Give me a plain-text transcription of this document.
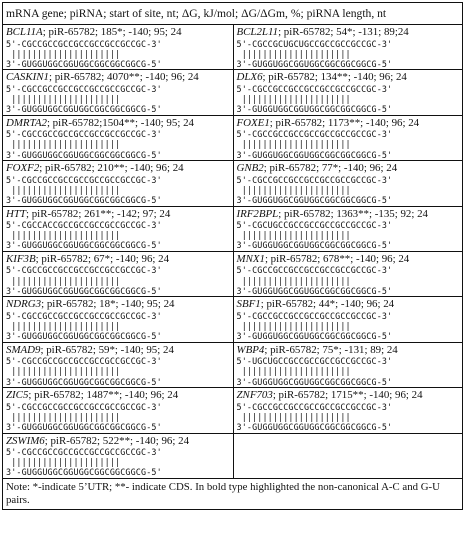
mRNA gene; piRNA; start of site, nt; ΔG, kJ/mol; ΔG/ΔGm, %; piRNA length, nt
BCL11A; piR-65782; 185*; -140; 95; 24
5'-CGCCGCCGCCGCCGCCGCCGCCGC-3'
|||||||||||||||||||||
3'-GUGGUGGCGGUGGCGGCGGCGGCG-5'
BCL2L11; piR-65782; 54*; -131; 89;24
5'-CGCCGCUGCUGCCGCCGCCGCCGC-3'
|||||||||||||||||||||
3'-GUGGUGGCGGUGGCGGCGGCGGCG-5'
CASKIN1; piR-65782; 4070**; -140; 96; 24
5'-CGCCGCCGCCGCCGCCGCCGCCGC-3'
|||||||||||||||||||||
3'-GUGGUGGCGGUGGCGGCGGCGGCG-5'
DLX6; piR-65782; 134**; -140; 96; 24
5'-CGCCGCCGCCGCCGCCGCCGCCGC-3'
|||||||||||||||||||||
3'-GUGGUGGCGGUGGCGGCGGCGGCG-5'
DMRTA2; piR-65782;1504**; -140; 95; 24
5'-CGCCGCCGCCGCCGCCGCCGCCGC-3'
|||||||||||||||||||||
3'-GUGGUGGCGGUGGCGGCGGCGGCG-5'
FOXE1; piR-65782; 1173**; -140; 96; 24
5'-CGCCGCCGCCGCCGCCGCCGCCGC-3'
|||||||||||||||||||||
3'-GUGGUGGCGGUGGCGGCGGCGGCG-5'
FOXF2; piR-65782; 210**; -140; 96; 24
5'-CGCCGCCGCCGCCGCCGCCGCCGC-3'
|||||||||||||||||||||
3'-GUGGUGGCGGUGGCGGCGGCGGCG-5'
GNB2; piR-65782; 77*; -140; 96; 24
5'-CGCCGCCGCCGCCGCCGCCGCCGC-3'
|||||||||||||||||||||
3'-GUGGUGGCGGUGGCGGCGGCGGCG-5'
HTT; piR-65782; 261**; -142; 97; 24
5'-CGCCACCGCCGCCGCCGCCGCCGC-3'
|||||||||||||||||||||
3'-GUGGUGGCGGUGGCGGCGGCGGCG-5'
IRF2BPL; piR-65782; 1363**; -135; 92; 24
5'-CGCUGCCGCCGCCGCCGCCGCCGC-3'
|||||||||||||||||||||
3'-GUGGUGGCGGUGGCGGCGGCGGCG-5'
KIF3B; piR-65782; 67*; -140; 96; 24
5'-CGCCGCCGCCGCCGCCGCCGCCGC-3'
|||||||||||||||||||||
3'-GUGGUGGCGGUGGCGGCGGCGGCG-5'
MNX1; piR-65782; 678**; -140; 96; 24
5'-CGCCGCCGCCGCCGCCGCCGCCGC-3'
|||||||||||||||||||||
3'-GUGGUGGCGGUGGCGGCGGCGGCG-5'
NDRG3; piR-65782; 18*; -140; 95; 24
5'-CGCCGCCGCCGCCGCCGCCGCCGC-3'
|||||||||||||||||||||
3'-GUGGUGGCGGUGGCGGCGGCGGCG-5'
SBF1; piR-65782; 44*; -140; 96; 24
5'-CGCCGCCGCCGCCGCCGCCGCCGC-3'
|||||||||||||||||||||
3'-GUGGUGGCGGUGGCGGCGGCGGCG-5'
SMAD9; piR-65782; 59*; -140; 95; 24
5'-CGCCGCCGCCGCCGCCGCCGCCGC-3'
|||||||||||||||||||||
3'-GUGGUGGCGGUGGCGGCGGCGGCG-5'
WBP4; piR-65782; 75*; -131; 89; 24
5'-UGCUGCCGCCGCCGCCGCCGCCGC-3'
|||||||||||||||||||||
3'-GUGGUGGCGGUGGCGGCGGCGGCG-5'
ZIC5; piR-65782; 1487**; -140; 96; 24
5'-CGCCGCCGCCGCCGCCGCCGCCGC-3'
|||||||||||||||||||||
3'-GUGGUGGCGGUGGCGGCGGCGGCG-5'
ZNF703; piR-65782; 1715**; -140; 96; 24
5'-CGCCGCCGCCGCCGCCGCCGCCGC-3'
|||||||||||||||||||||
3'-GUGGUGGCGGUGGCGGCGGCGGCG-5'
ZSWIM6; piR-65782; 522**; -140; 96; 24
5'-CGCCGCCGCCGCCGCCGCCGCCGC-3'
|||||||||||||||||||||
3'-GUGGUGGCGGUGGCGGCGGCGGCG-5'
Note: *-indicate 5’UTR; **- indicate CDS. In bold type highlighted the non-canonical A-C and G-U pairs.
